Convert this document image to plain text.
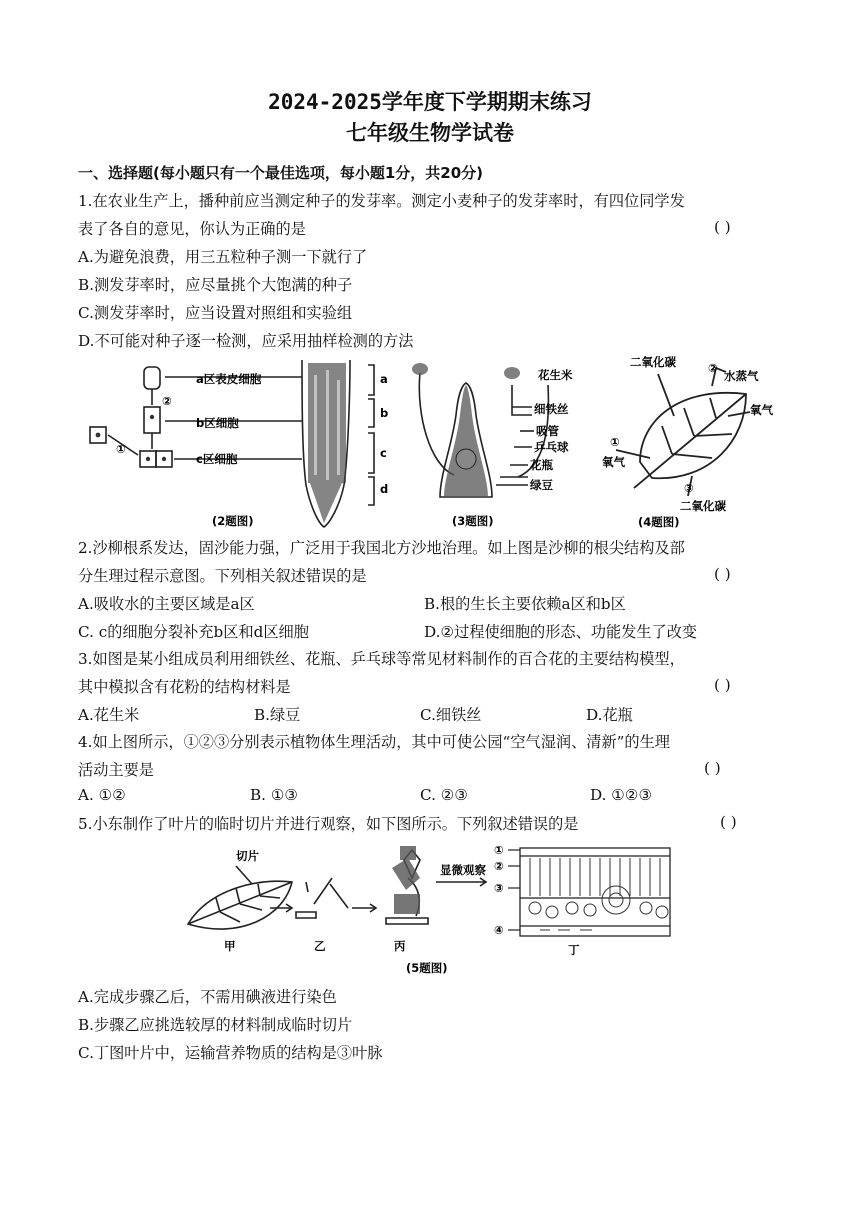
2024-2025学年度下学期期末练习
七年级生物学试卷
一、选择题(每小题只有一个最佳选项，每小题1分，共20分)
1.在农业生产上，播种前应当测定种子的发芽率。测定小麦种子的发芽率时，有四位同学发
表了各自的意见，你认为正确的是	( )
A.为避免浪费，用三五粒种子测一下就行了
B.测发芽率时，应尽量挑个大饱满的种子
C.测发芽率时，应当设置对照组和实验组
D.不可能对种子逐一检测，应采用抽样检测的方法
a区表皮细胞
b区细胞
c区细胞
a
b
c
d
①
②
(2题图)
花生米
细铁丝
吸管
乒乓球
花瓶
绿豆
(3题图)
二氧化碳
水蒸气
氧气
氧气
二氧化碳
①
②
③
(4题图)
2.沙柳根系发达，固沙能力强，广泛用于我国北方沙地治理。如上图是沙柳的根尖结构及部
分生理过程示意图。下列相关叙述错误的是	( )
A.吸收水的主要区域是a区	B.根的生长主要依赖a区和b区
C. c的细胞分裂补充b区和d区细胞	D.②过程使细胞的形态、功能发生了改变
3.如图是某小组成员利用细铁丝、花瓶、乒乓球等常见材料制作的百合花的主要结构模型，
其中模拟含有花粉的结构材料是	( )
A.花生米	B.绿豆	C.细铁丝	D.花瓶
4.如上图所示，①②③分别表示植物体生理活动，其中可使公园“空气湿润、清新”的生理
活动主要是	( )
A. ①②	B. ①③	C. ②③	D. ①②③
5.小东制作了叶片的临时切片并进行观察，如下图所示。下列叙述错误的是	( )
切片
显微观察
甲	乙	丙	丁
①
②
③
④
(5题图)
A.完成步骤乙后，不需用碘液进行染色
B.步骤乙应挑选较厚的材料制成临时切片
C.丁图叶片中，运输营养物质的结构是③叶脉
